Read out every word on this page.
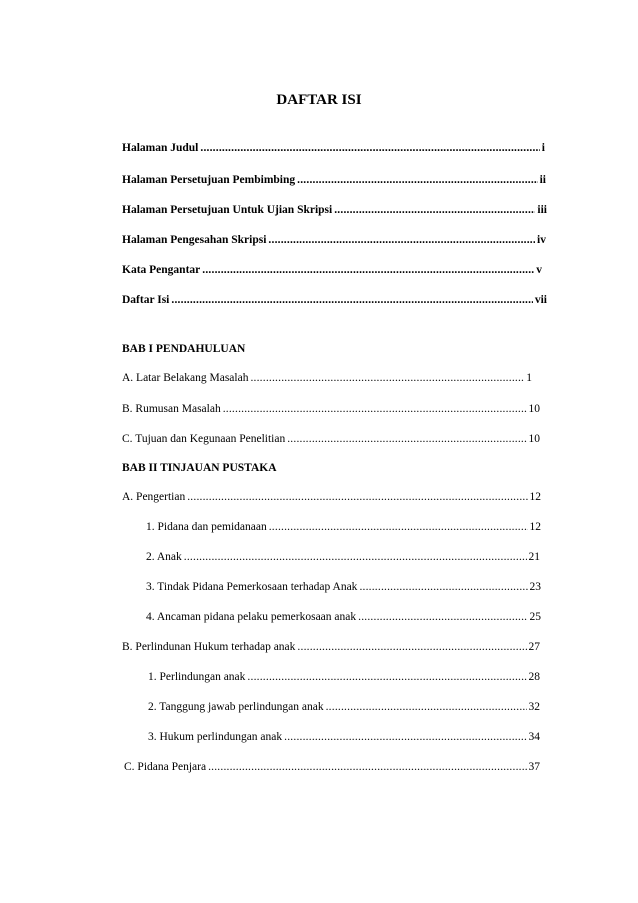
DAFTAR ISI
Halaman Judul .....	i
Halaman Persetujuan Pembimbing .....	ii
Halaman Persetujuan Untuk Ujian Skripsi .....	iii
Halaman Pengesahan Skripsi .....	iv
Kata Pengantar .....	v
Daftar Isi .....	vii
BAB I PENDAHULUAN
A. Latar Belakang Masalah .....	1
B. Rumusan Masalah .....	10
C. Tujuan dan Kegunaan Penelitian .....	10
BAB II TINJAUAN PUSTAKA
A. Pengertian .....	12
1. Pidana dan pemidanaan .....	12
2. Anak .....	21
3. Tindak Pidana Pemerkosaan terhadap Anak .....	23
4. Ancaman pidana pelaku pemerkosaan anak .....	25
B. Perlindunan Hukum terhadap anak .....	27
1. Perlindungan anak .....	28
2. Tanggung jawab perlindungan anak .....	32
3. Hukum perlindungan anak .....	34
C. Pidana Penjara .....	37
